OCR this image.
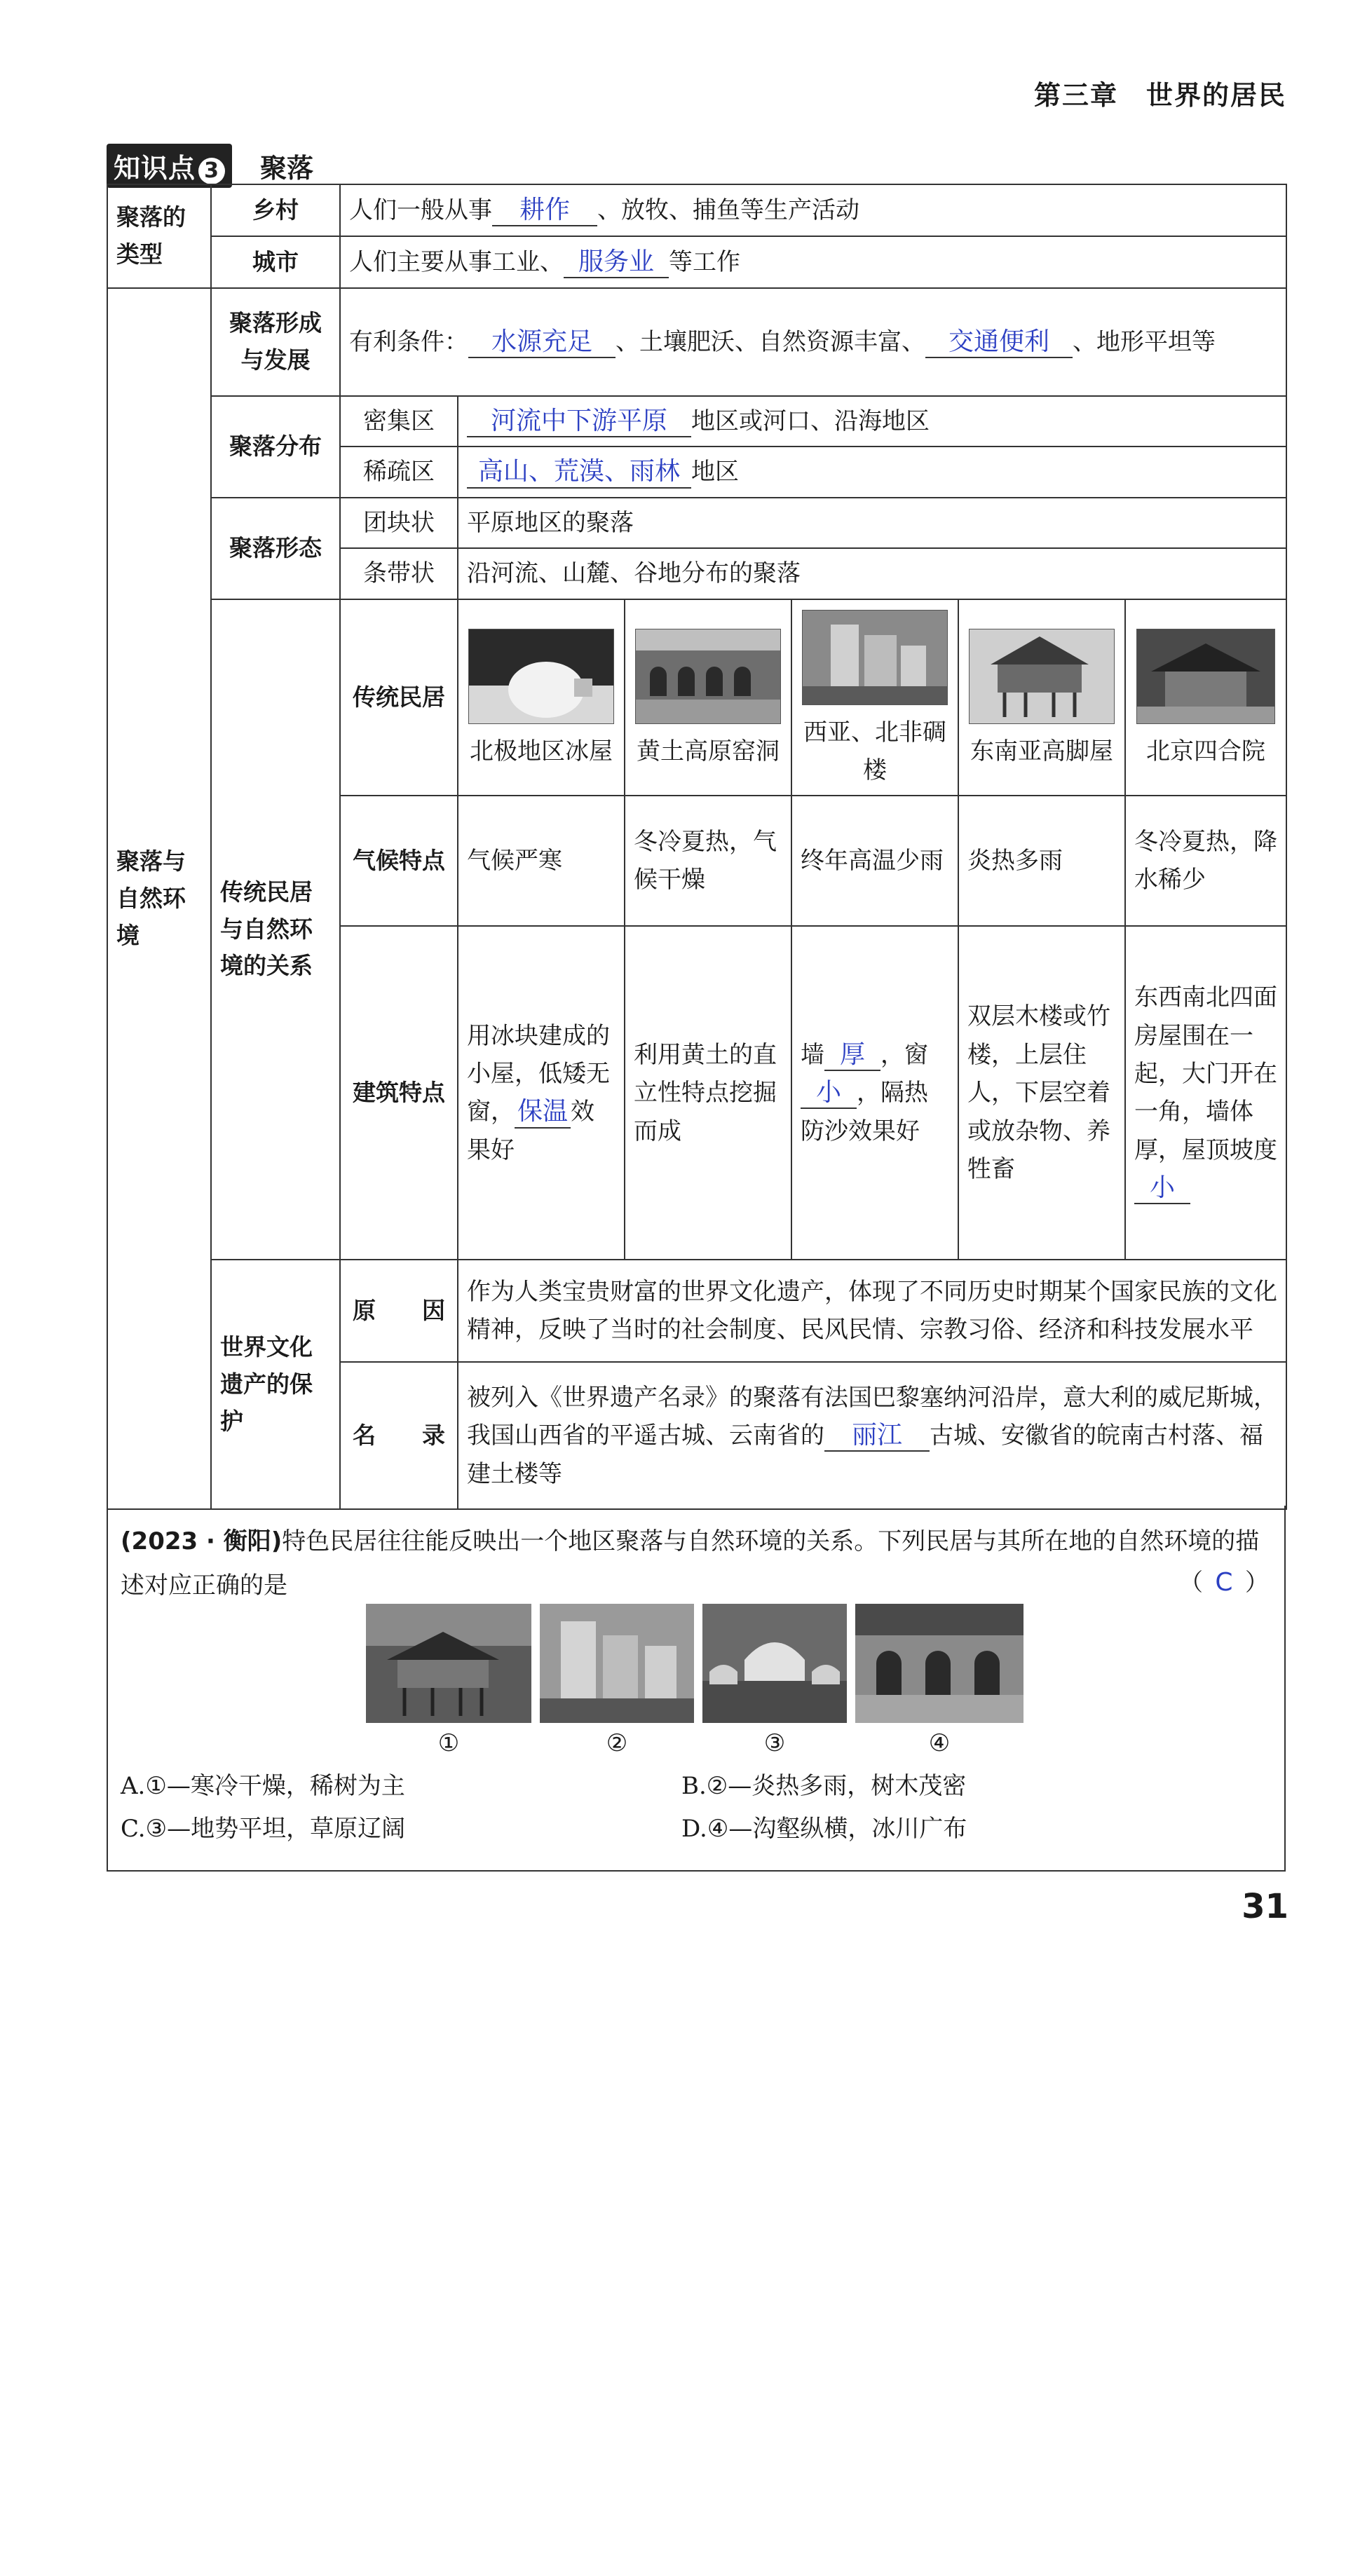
第三章　世界的居民
知识点 3	聚落
聚落的类型	乡村	人们一般从事 耕作 、放牧、捕鱼等生产活动					
	城市	人们主要从事工业、 服务业 等工作					
聚落与自然环境	聚落形成与发展	有利条件： 水源充足 、土壤肥沃、自然资源丰富、 交通便利 、地形平坦等					
	聚落分布	密集区	河流中下游平原 地区或河口、沿海地区				
		稀疏区	高山、荒漠、雨林 地区				
	聚落形态	团块状	平原地区的聚落				
		条带状	沿河流、山麓、谷地分布的聚落				
	传统民居与自然环境的关系	传统民居	北极地区冰屋	黄土高原窑洞	西亚、北非碉楼	东南亚高脚屋	北京四合院

		气候特点	气候严寒	冬冷夏热，气候干燥	终年高温少雨	炎热多雨	冬冷夏热，降水稀少
		建筑特点	用冰块建成的小屋，低矮无窗， 保温 效果好	利用黄土的直立性特点挖掘而成	墙 厚 ，窗小 ，隔热防沙效果好	双层木楼或竹楼，上层住人，下层空着或放杂物、养牲畜	东西南北四面房屋围在一起，大门开在一角，墙体厚，屋顶坡度小
	世界文化遗产的保护	原　　因	作为人类宝贵财富的世界文化遗产，体现了不同历史时期某个国家民族的文化精神，反映了当时的社会制度、民风民情、宗教习俗、经济和科技发展水平				
		名　　录	被列入《世界遗产名录》的聚落有法国巴黎塞纳河沿岸，意大利的威尼斯城，我国山西省的平遥古城、云南省的 丽江 古城、安徽省的皖南古村落、福建土楼等				
(2023 · 衡阳)特色民居往往能反映出一个地区聚落与自然环境的关系。下列民居与其所在地的自然环境的描述对应正确的是	（ C ）
①	②	③	④
A.①—寒冷干燥，稀树为主	B.②—炎热多雨，树木茂密
C.③—地势平坦，草原辽阔	D.④—沟壑纵横，冰川广布
31
